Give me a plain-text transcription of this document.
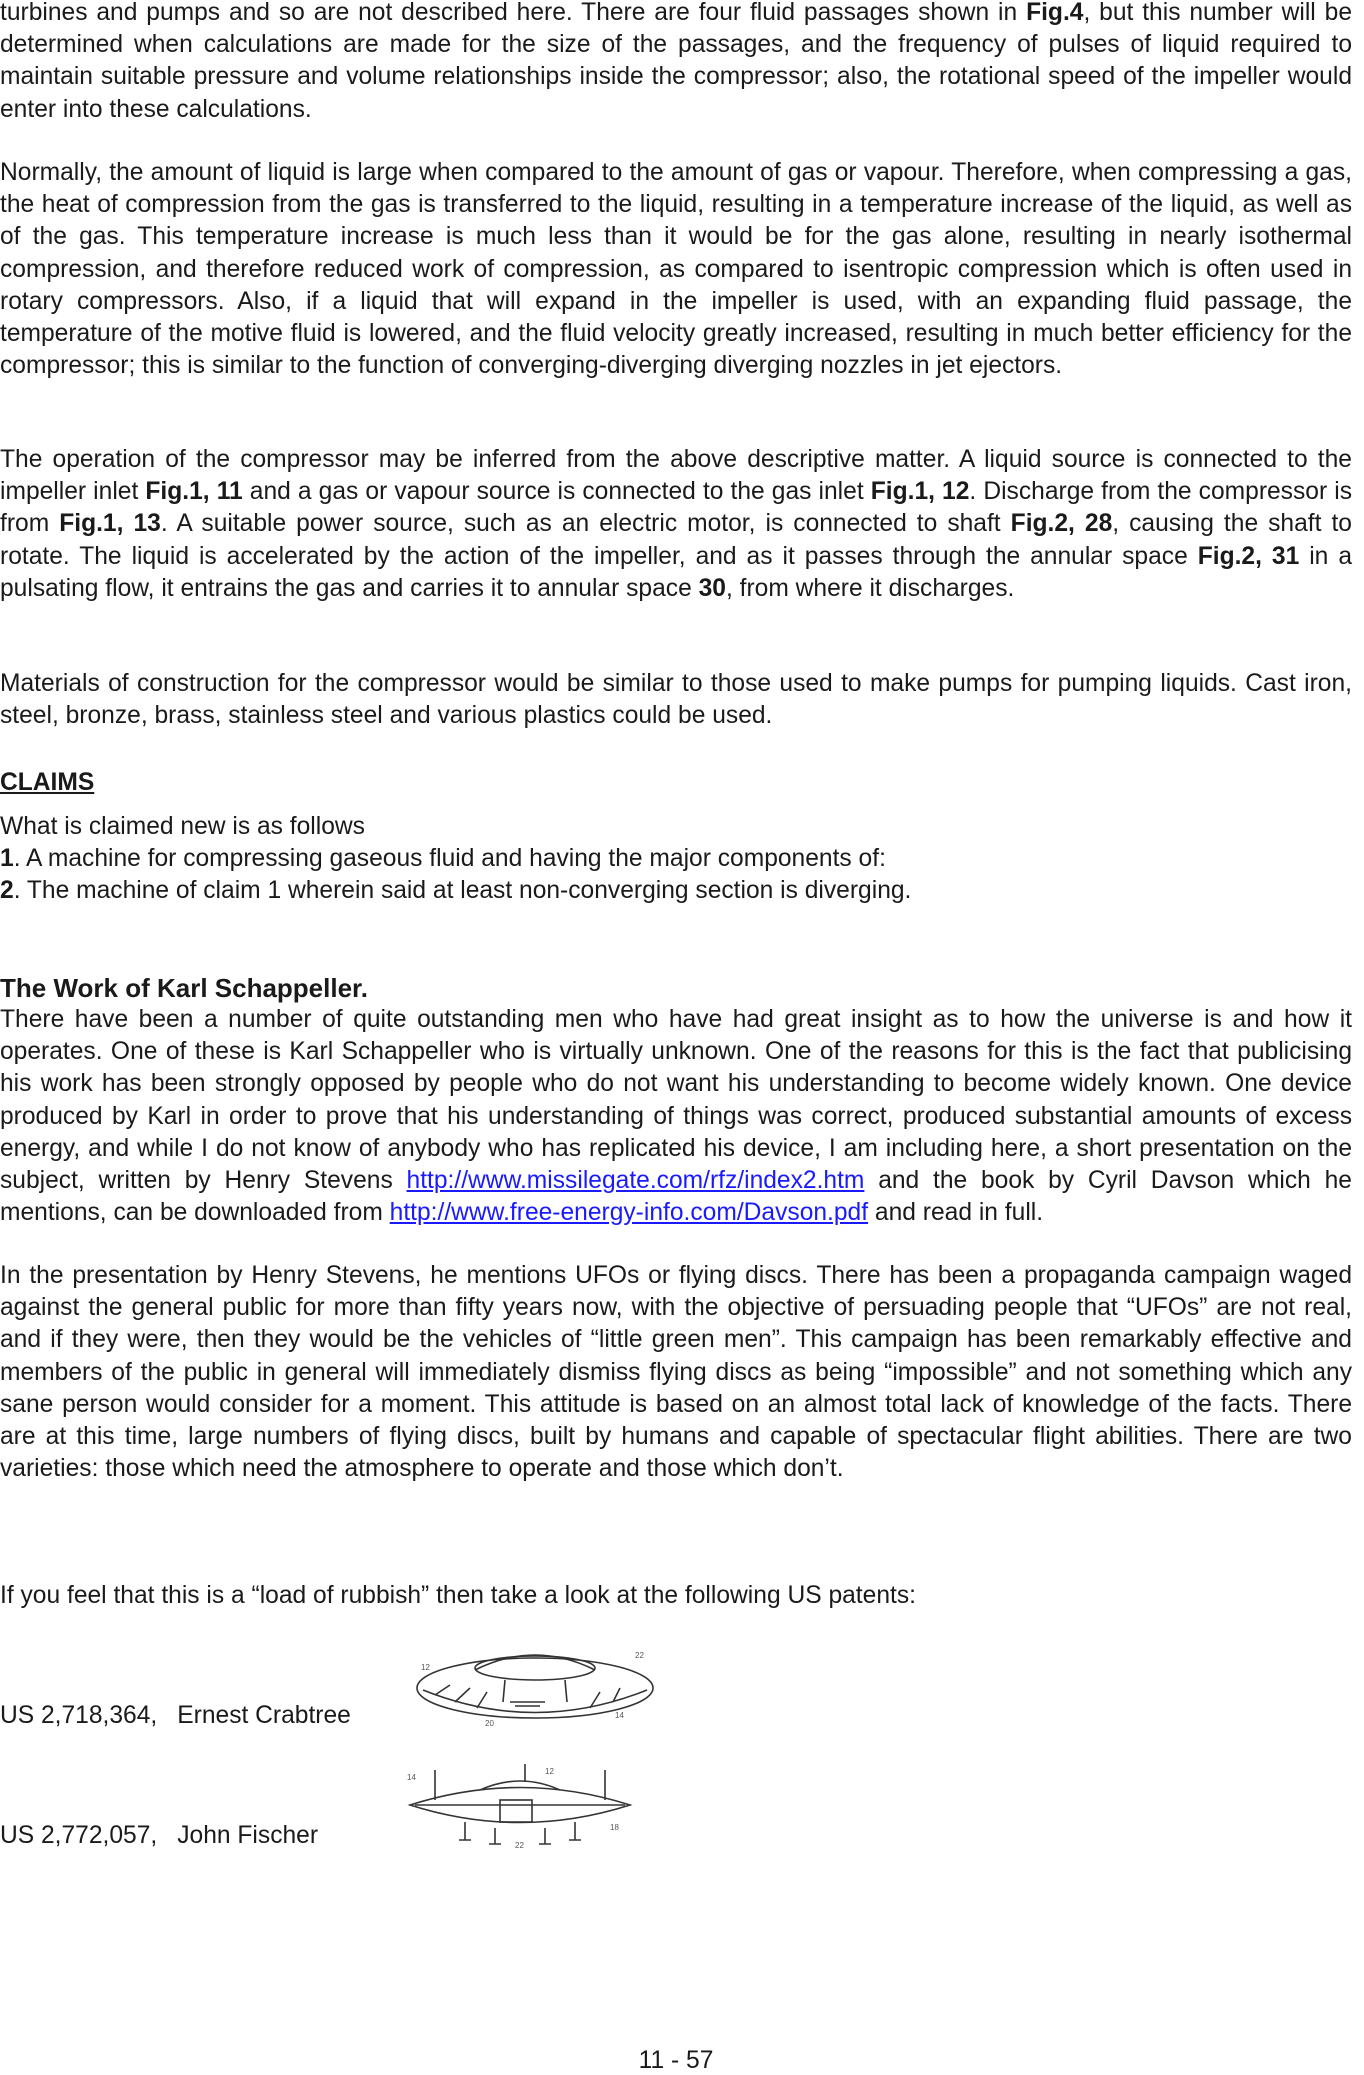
turbines and pumps and so are not described here. There are four fluid passages shown in Fig.4, but this number will be determined when calculations are made for the size of the passages, and the frequency of pulses of liquid required to maintain suitable pressure and volume relationships inside the compressor; also, the rotational speed of the impeller would enter into these calculations.

Normally, the amount of liquid is large when compared to the amount of gas or vapour. Therefore, when compressing a gas, the heat of compression from the gas is transferred to the liquid, resulting in a temperature increase of the liquid, as well as of the gas. This temperature increase is much less than it would be for the gas alone, resulting in nearly isothermal compression, and therefore reduced work of compression, as compared to isentropic compression which is often used in rotary compressors. Also, if a liquid that will expand in the impeller is used, with an expanding fluid passage, the temperature of the motive fluid is lowered, and the fluid velocity greatly increased, resulting in much better efficiency for the compressor; this is similar to the function of converging-diverging diverging nozzles in jet ejectors.

The operation of the compressor may be inferred from the above descriptive matter. A liquid source is connected to the impeller inlet Fig.1, 11 and a gas or vapour source is connected to the gas inlet Fig.1, 12. Discharge from the compressor is from Fig.1, 13. A suitable power source, such as an electric motor, is connected to shaft Fig.2, 28, causing the shaft to rotate. The liquid is accelerated by the action of the impeller, and as it passes through the annular space Fig.2, 31 in a pulsating flow, it entrains the gas and carries it to annular space 30, from where it discharges.

Materials of construction for the compressor would be similar to those used to make pumps for pumping liquids. Cast iron, steel, bronze, brass, stainless steel and various plastics could be used.

CLAIMS

What is claimed new is as follows
1. A machine for compressing gaseous fluid and having the major components of:
2. The machine of claim 1 wherein said at least non-converging section is diverging.

The Work of Karl Schappeller.

There have been a number of quite outstanding men who have had great insight as to how the universe is and how it operates. One of these is Karl Schappeller who is virtually unknown. One of the reasons for this is the fact that publicising his work has been strongly opposed by people who do not want his understanding to become widely known. One device produced by Karl in order to prove that his understanding of things was correct, produced substantial amounts of excess energy, and while I do not know of anybody who has replicated his device, I am including here, a short presentation on the subject, written by Henry Stevens http://www.missilegate.com/rfz/index2.htm and the book by Cyril Davson which he mentions, can be downloaded from http://www.free-energy-info.com/Davson.pdf and read in full.

In the presentation by Henry Stevens, he mentions UFOs or flying discs. There has been a propaganda campaign waged against the general public for more than fifty years now, with the objective of persuading people that “UFOs” are not real, and if they were, then they would be the vehicles of “little green men”. This campaign has been remarkably effective and members of the public in general will immediately dismiss flying discs as being “impossible” and not something which any sane person would consider for a moment. This attitude is based on an almost total lack of knowledge of the facts. There are at this time, large numbers of flying discs, built by humans and capable of spectacular flight abilities. There are two varieties: those which need the atmosphere to operate and those which don’t.

If you feel that this is a “load of rubbish” then take a look at the following US patents:

US 2,718,364, Ernest Crabtree
12
22
14
20
US 2,772,057, John Fischer
14
12
18
22
11 - 57
